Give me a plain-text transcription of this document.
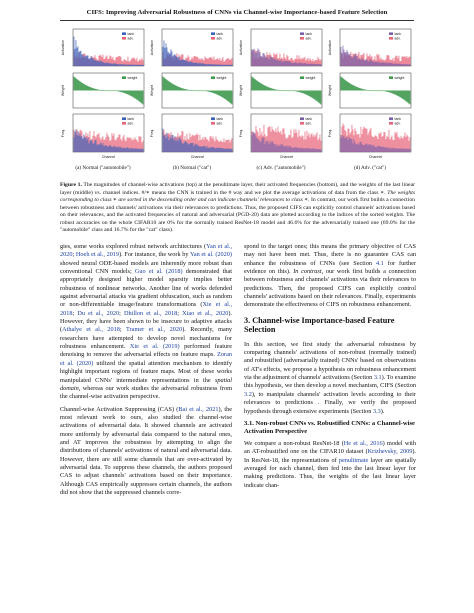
CIFS: Improving Adversarial Robustness of CNNs via Channel-wise Importance-based Feature Selection
Activation
Weight
Freq.
tank
adv.
weight
tank
adv.
Channel
(a) Normal ("automobile")
Activation
Weight
Freq.
tank
adv.
weight
tank
adv.
Channel
(b) Normal ("cat")
Activation
Weight
Freq.
tank
adv.
weight
tank
adv.
Channel
(c) Adv. ("automobile")
Activation
Weight
Freq.
tank
adv.
weight
tank
adv.
Channel
(d) Adv. ("cat")
Figure 1. The magnitudes of channel-wise activations (top) at the penultimate layer, their activated frequencies (bottom), and the weights of the last linear layer (middle) vs. channel indices. #/∗ means the CNN is trained in the # way and we plot the average activations of data from the class ∗. The weights corresponding to class ∗ are sorted in the descending order and can indicate channels' relevances to class ∗. In contrast, our work first builds a connection between robustness and channels' activations via their relevances to predictions. Thus, the proposed CIFS can explicitly control channels' activations based on their relevances, and the activated frequencies of natural and adversarial (PGD-20) data are plotted according to the indices of the sorted weights. The robust accuracies on the whole CIFAR10 are 0% for the normally trained ResNet-18 model and 46.6% for the adversarially trained one (69.0% for the "automobile" class and 16.7% for the "cat" class).

gies, some works explored robust network architectures (Yan et al., 2020; Hoeh et al., 2019). For instance, the work by Yan et al. (2020) showed neural ODE-based models are inherently more robust than conventional CNN models; Guo et al. (2018) demonstrated that appropriately designed higher model sparsity implies better robustness of nonlinear networks. Another line of works defended against adversarial attacks via gradient obfuscation, such as random or non-differentiable image/feature transformations (Xie et al., 2018; Du et al., 2020; Dhillon et al., 2018; Xiao et al., 2020). However, they have been shown to be insecure to adaptive attacks (Athalye et al., 2018; Tramer et al., 2020). Recently, many researchers have attempted to develop novel mechanisms for robustness enhancement. Xie et al. (2019) performed feature denoising to remove the adversarial effects on feature maps. Zoran et al. (2020) utilized the spatial attention mechanism to identify highlight important regions of feature maps. Most of these works manipulated CNNs' intermediate representations in the spatial domain, whereas our work studies the adversarial robustness from the channel-wise activation perspective.

Channel-wise Activation Suppressing (CAS) (Bai et al., 2021), the most relevant work to ours, also studied the channel-wise activations of adversarial data. It showed channels are activated more uniformly by adversarial data compared to the natural ones, and AT improves the robustness by attempting to align the distributions of channels' activations of natural and adversarial data. However, there are still some channels that are over-activated by adversarial data. To suppress these channels, the authors proposed CAS to adjust channels' activations based on their importance. Although CAS empirically suppresses certain channels, the authors did not show that the suppressed channels corre-

spond to the target ones; this means the primary objective of CAS may not have been met. Thus, there is no guarantee CAS can enhance the robustness of CNNs (see Section 4.1 for further evidence on this). In contrast, our work first builds a connection between robustness and channels' activations via their relevances to predictions. Then, the proposed CIFS can explicitly control channels' activations based on their relevances. Finally, experiments demonstrate the effectiveness of CIFS on robustness enhancement.

3. Channel-wise Importance-based Feature Selection

In this section, we first study the adversarial robustness by comparing channels' activations of non-robust (normally trained) and robustified (adversarially trained) CNNs' based on observations of AT's effects, we propose a hypothesis on robustness enhancement via the adjustment of channels' activations (Section 3.1). To examine this hypothesis, we then develop a novel mechanism, CIFS (Section 3.2), to manipulate channels' activation levels according to their relevances to predictions . Finally, we verify the proposed hypothesis through extensive experiments (Section 3.3).

3.1. Non-robust CNNs vs. Robustified CNNs: a Channel-wise Activation Perspective

We compare a non-robust ResNet-18 (He et al., 2016) model with an AT-robustified one on the CIFAR10 dataset (Krizhevsky, 2009). In ResNet-18, the representations of penultimate layer are spatially averaged for each channel, then fed into the last linear layer for making predictions. Thus, the weights of the last linear layer indicate chan-
